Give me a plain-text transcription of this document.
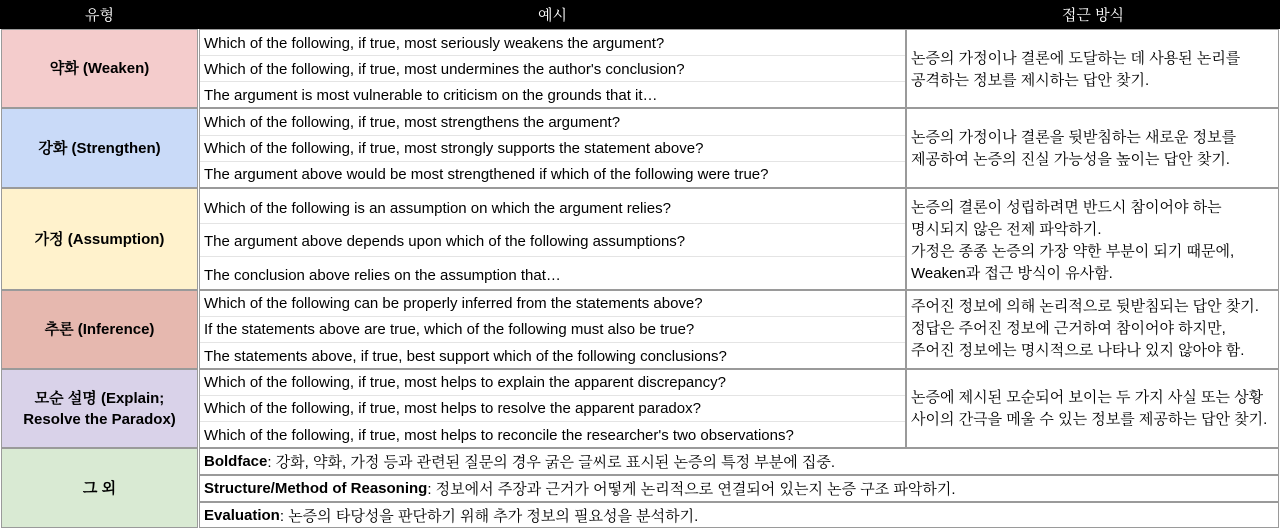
유형	예시	접근 방식
약화 (Weaken)
Which of the following, if true, most seriously weakens the argument?
Which of the following, if true, most undermines the author's conclusion?
The argument is most vulnerable to criticism on the grounds that it…
논증의 가정이나 결론에 도달하는 데 사용된 논리를
공격하는 정보를 제시하는 답안 찾기.
강화 (Strengthen)
Which of the following, if true, most strengthens the argument?
Which of the following, if true, most strongly supports the statement above?
The argument above would be most strengthened if which of the following were true?
논증의 가정이나 결론을 뒷받침하는 새로운 정보를
제공하여 논증의 진실 가능성을 높이는 답안 찾기.
가정 (Assumption)
Which of the following is an assumption on which the argument relies?
The argument above depends upon which of the following assumptions?
The conclusion above relies on the assumption that…
논증의 결론이 성립하려면 반드시 참이어야 하는
명시되지 않은 전제 파악하기.
가정은 종종 논증의 가장 약한 부분이 되기 때문에,
Weaken과 접근 방식이 유사함.
추론 (Inference)
Which of the following can be properly inferred from the statements above?
If the statements above are true, which of the following must also be true?
The statements above, if true, best support which of the following conclusions?
주어진 정보에 의해 논리적으로 뒷받침되는 답안 찾기.
정답은 주어진 정보에 근거하여 참이어야 하지만,
주어진 정보에는 명시적으로 나타나 있지 않아야 함.
모순 설명 (Explain;
Resolve the Paradox)
Which of the following, if true, most helps to explain the apparent discrepancy?
Which of the following, if true, most helps to resolve the apparent paradox?
Which of the following, if true, most helps to reconcile the researcher's two observations?
논증에 제시된 모순되어 보이는 두 가지 사실 또는 상황
사이의 간극을 메울 수 있는 정보를 제공하는 답안 찾기.
그 외
Boldface : 강화, 약화, 가정 등과 관련된 질문의 경우 굵은 글씨로 표시된 논증의 특정 부분에 집중.
Structure/Method of Reasoning : 정보에서 주장과 근거가 어떻게 논리적으로 연결되어 있는지 논증 구조 파악하기.
Evaluation : 논증의 타당성을 판단하기 위해 추가 정보의 필요성을 분석하기.
